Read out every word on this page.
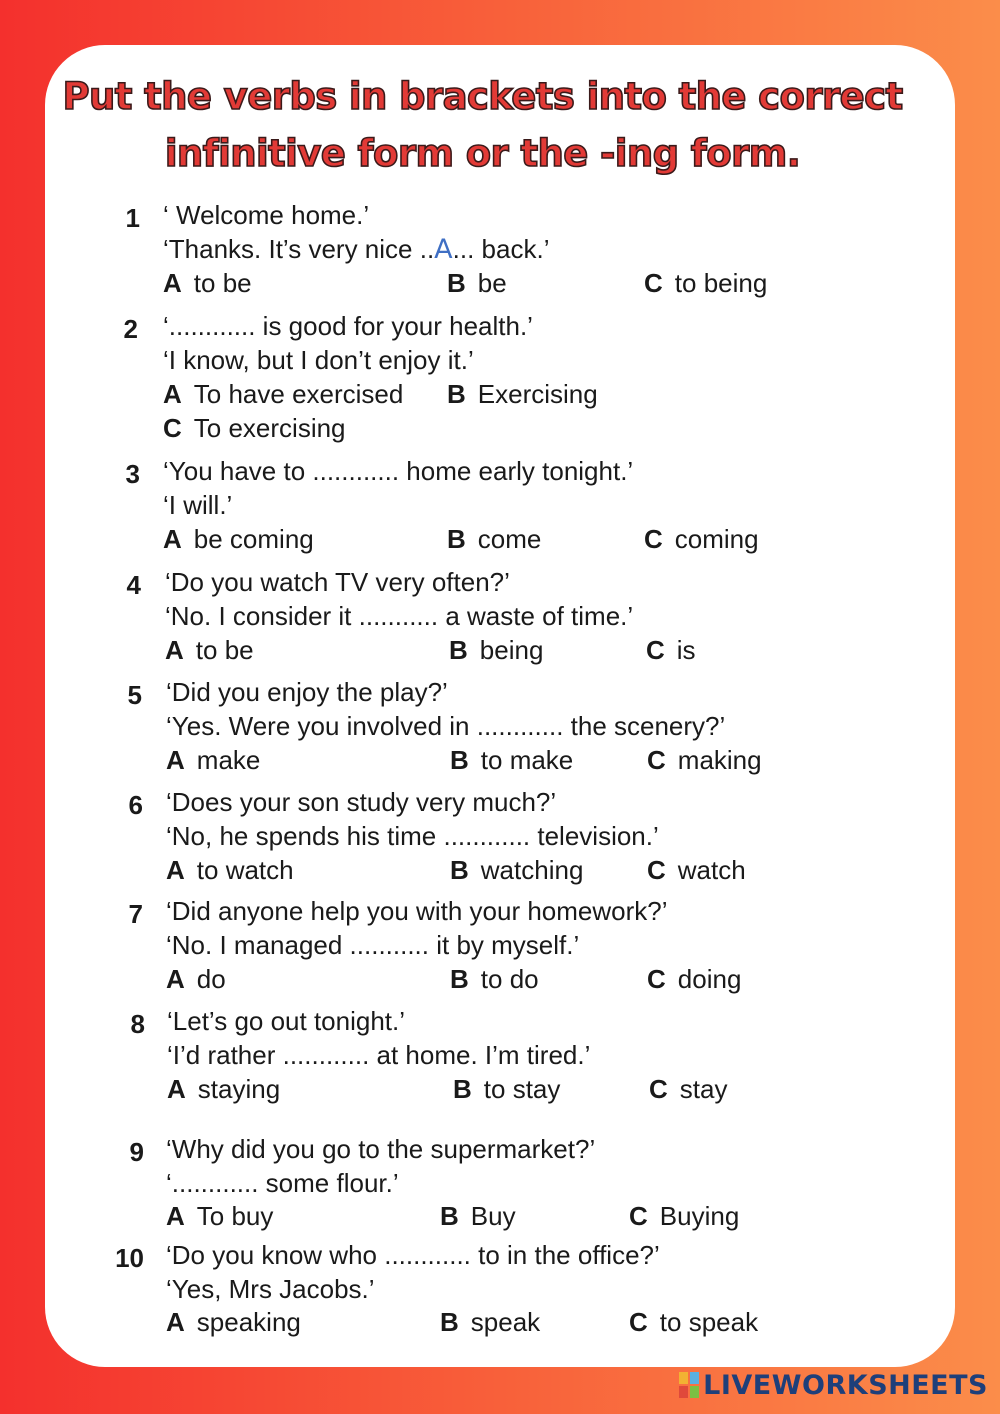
Put the verbs in brackets into the correct
infinitive form or the -ing form.
1 ‘ Welcome home.’
‘Thanks. It’s very nice ..A... back.’
A to be	B be	C to being
2 ‘............ is good for your health.’
‘I know, but I don’t enjoy it.’
A To have exercised B Exercising
C To exercising
3 ‘You have to ............ home early tonight.’
‘I will.’
A be coming	B come	C coming
4 ‘Do you watch TV very often?’
‘No. I consider it ........... a waste of time.’
A to be	B being	C is
5 ‘Did you enjoy the play?’
‘Yes. Were you involved in ............ the scenery?’
A make	B to make	C making
6 ‘Does your son study very much?’
‘No, he spends his time ............ television.’
A to watch	B watching C watch
7 ‘Did anyone help you with your homework?’
‘No. I managed ........... it by myself.’
A do	B to do	C doing
8 ‘Let’s go out tonight.’
‘I’d rather ............ at home. I’m tired.’
A staying	B to stay	C stay
9 ‘Why did you go to the supermarket?’
‘............ some flour.’
A To buy	B Buy	C Buying
10 ‘Do you know who ............ to in the office?’
‘Yes, Mrs Jacobs.’
A speaking	B speak	C to speak
LIVEWORKSHEETS
